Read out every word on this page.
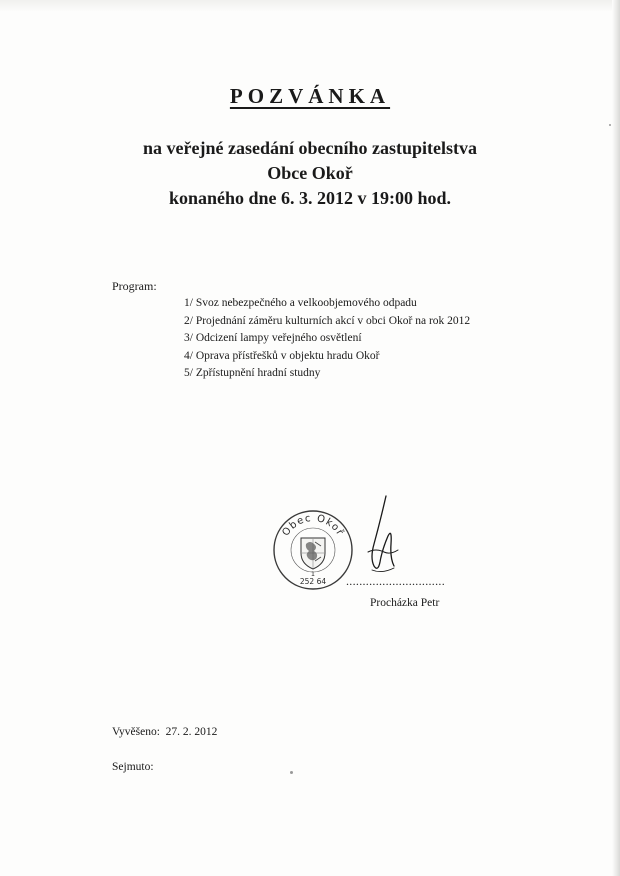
POZVÁNKA
na veřejné zasedání obecního zastupitelstva
Obce Okoř
konaného dne 6. 3. 2012 v 19:00 hod.
Program:
1/ Svoz nebezpečného a velkoobjemového odpadu
2/ Projednání záměru kulturních akcí v obci Okoř na rok 2012
3/ Odcizení lampy veřejného osvětlení
4/ Oprava přístřešků v objektu hradu Okoř
5/ Zpřístupnění hradní studny
Obec Okoř
1
252 64 ..............................
Procházka Petr
Vyvěšeno: 27. 2. 2012
Sejmuto:
